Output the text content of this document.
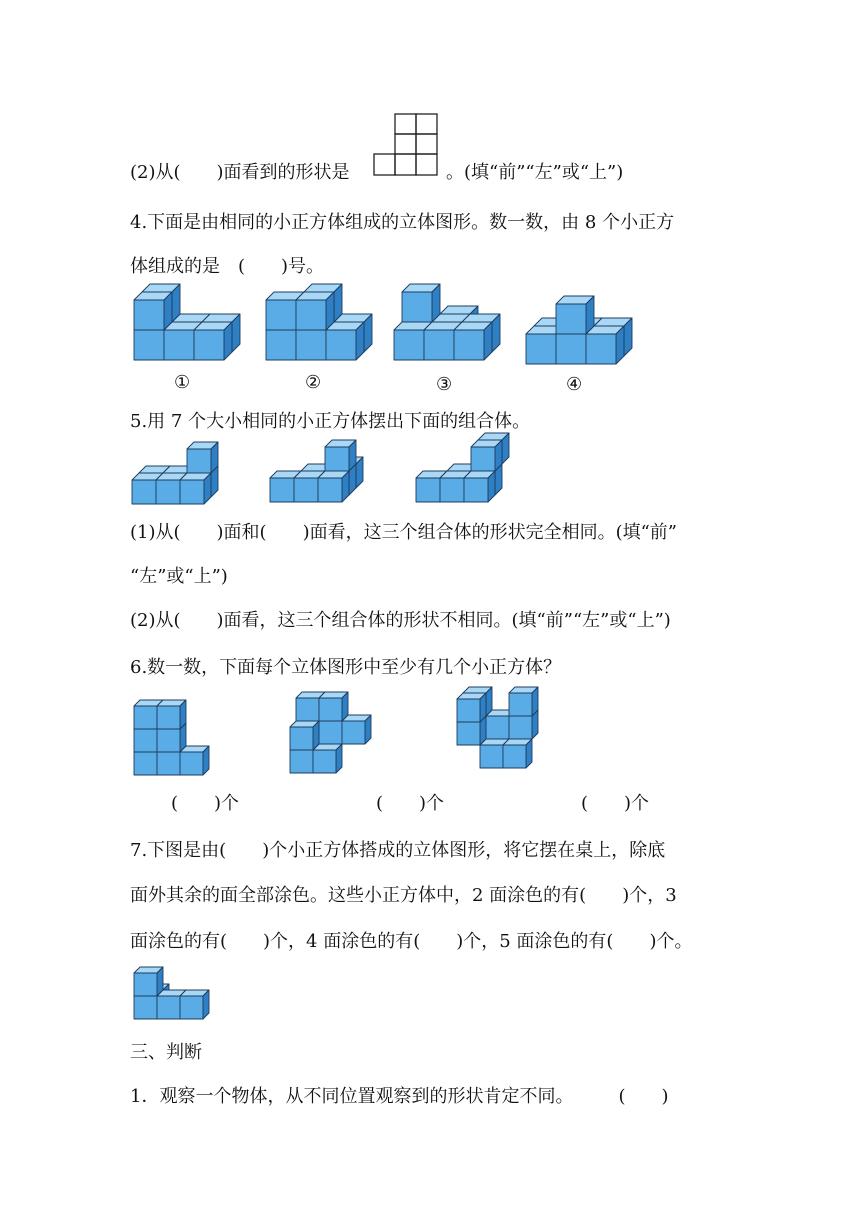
(2)从(　　)面看到的形状是	。(填“前”“左”或“上”)
4.下面是由相同的小正方体组成的立体图形。数一数，由 8 个小正方
体组成的是　(　　)号。
①	②	③	④
5.用 7 个大小相同的小正方体摆出下面的组合体。
(1)从(　　)面和(　　)面看，这三个组合体的形状完全相同。(填“前”
“左”或“上”)
(2)从(　　)面看，这三个组合体的形状不相同。(填“前”“左”或“上”)
6.数一数，下面每个立体图形中至少有几个小正方体？
(　　)个	(　　)个	(　　)个
7.下图是由(　　)个小正方体搭成的立体图形，将它摆在桌上，除底
面外其余的面全部涂色。这些小正方体中，2 面涂色的有(　　)个，3
面涂色的有(　　)个，4 面涂色的有(　　)个，5 面涂色的有(　　)个。
三、判断
1．观察一个物体，从不同位置观察到的形状肯定不同。　　　(　　)
